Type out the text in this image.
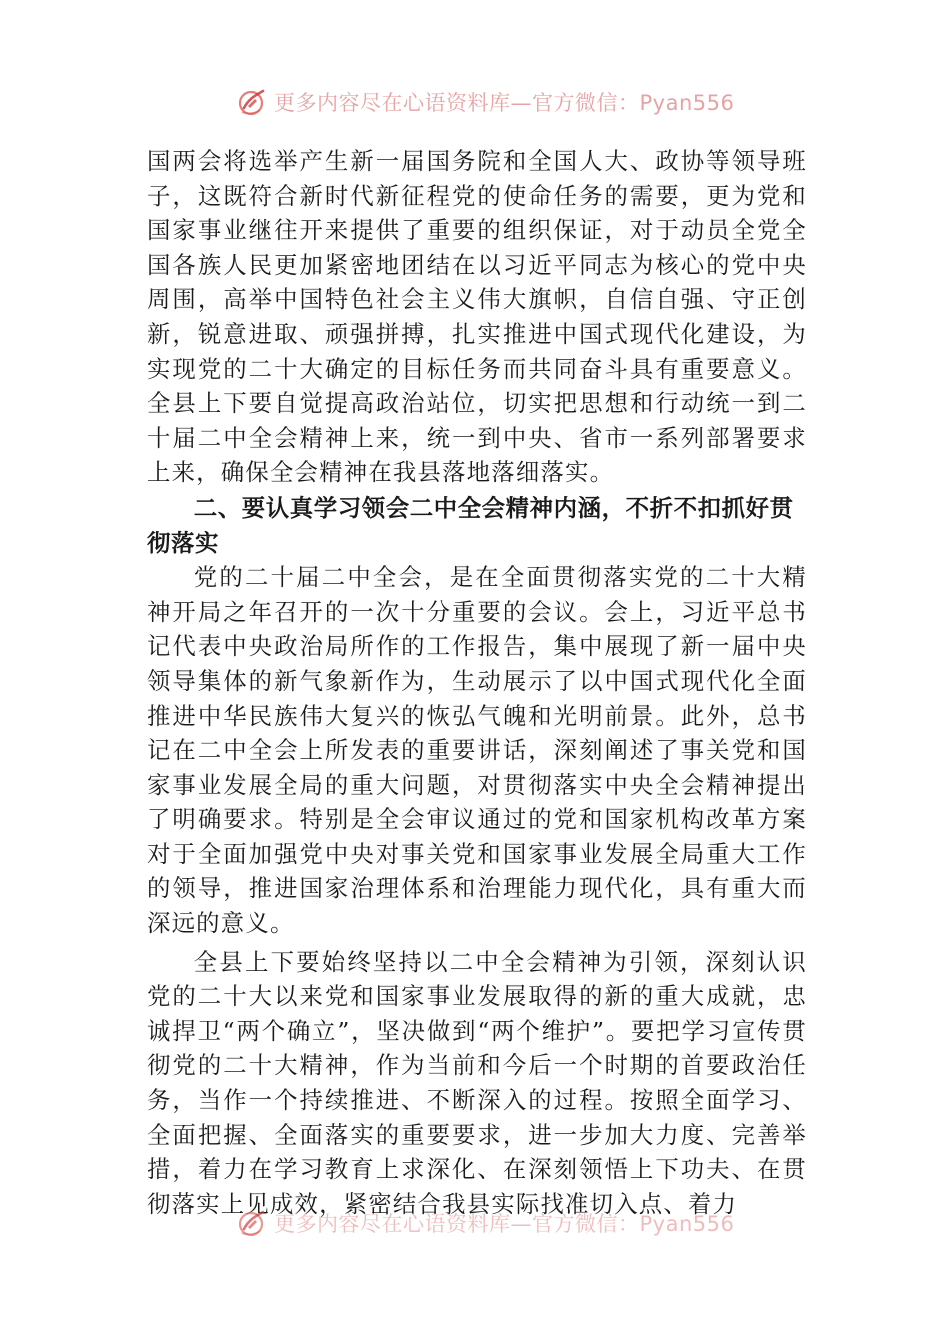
更多内容尽在心语资料库—官方微信：Pyan556

国两会将选举产生新一届国务院和全国人大、政协等领导班子，这既符合新时代新征程党的使命任务的需要，更为党和国家事业继往开来提供了重要的组织保证，对于动员全党全国各族人民更加紧密地团结在以习近平同志为核心的党中央周围，高举中国特色社会主义伟大旗帜，自信自强、守正创新，锐意进取、顽强拼搏，扎实推进中国式现代化建设，为实现党的二十大确定的目标任务而共同奋斗具有重要意义。全县上下要自觉提高政治站位，切实把思想和行动统一到二十届二中全会精神上来，统一到中央、省市一系列部署要求上来，确保全会精神在我县落地落细落实。

二、要认真学习领会二中全会精神内涵，不折不扣抓好贯彻落实

党的二十届二中全会，是在全面贯彻落实党的二十大精神开局之年召开的一次十分重要的会议。会上，习近平总书记代表中央政治局所作的工作报告，集中展现了新一届中央领导集体的新气象新作为，生动展示了以中国式现代化全面推进中华民族伟大复兴的恢弘气魄和光明前景。此外，总书记在二中全会上所发表的重要讲话，深刻阐述了事关党和国家事业发展全局的重大问题，对贯彻落实中央全会精神提出了明确要求。特别是全会审议通过的党和国家机构改革方案对于全面加强党中央对事关党和国家事业发展全局重大工作的领导，推进国家治理体系和治理能力现代化，具有重大而深远的意义。

全县上下要始终坚持以二中全会精神为引领，深刻认识党的二十大以来党和国家事业发展取得的新的重大成就，忠诚捍卫“两个确立”，坚决做到“两个维护”。要把学习宣传贯彻党的二十大精神，作为当前和今后一个时期的首要政治任务，当作一个持续推进、不断深入的过程。按照全面学习、全面把握、全面落实的重要要求，进一步加大力度、完善举措，着力在学习教育上求深化、在深刻领悟上下功夫、在贯彻落实上见成效，紧密结合我县实际找准切入点、着力

更多内容尽在心语资料库—官方微信：Pyan556
